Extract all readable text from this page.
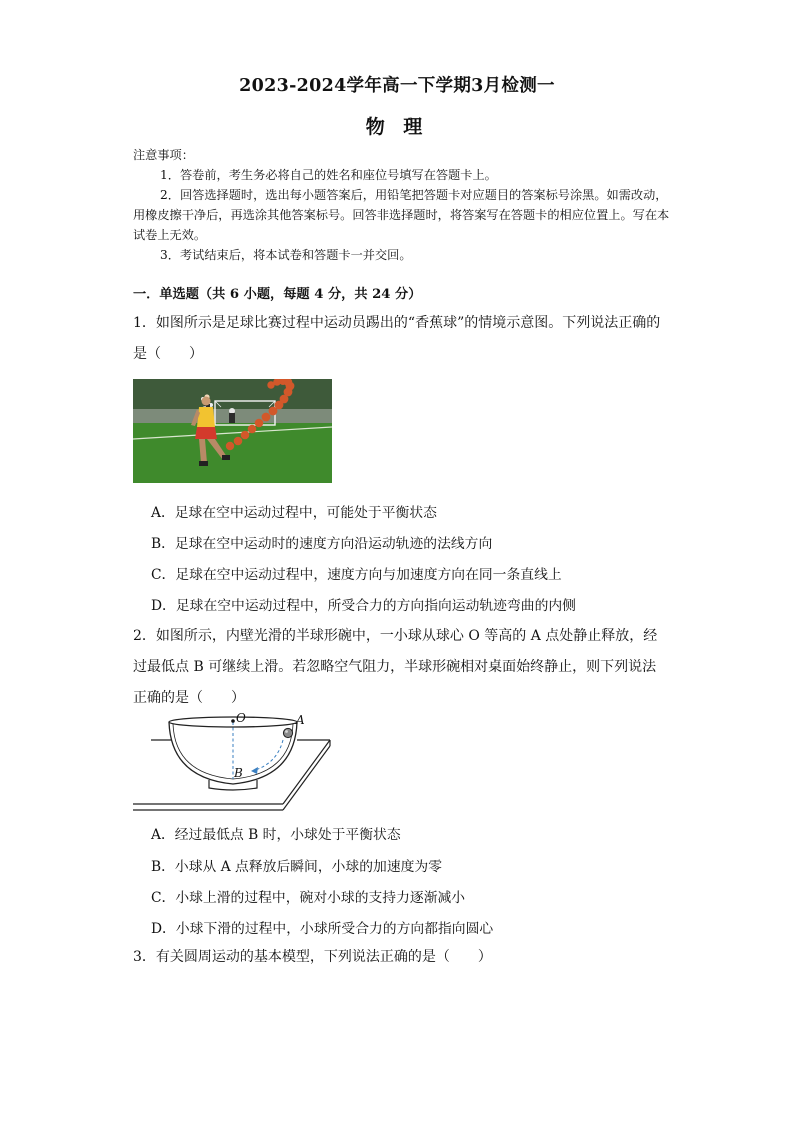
2023-2024学年高一下学期3月检测一
物 理

注意事项：

1．答卷前，考生务必将自己的姓名和座位号填写在答题卡上。

2．回答选择题时，选出每小题答案后，用铅笔把答题卡对应题目的答案标号涂黑。如需改动，用橡皮擦干净后，再选涂其他答案标号。回答非选择题时，将答案写在答题卡的相应位置上。写在本试卷上无效。

3．考试结束后，将本试卷和答题卡一并交回。

一．单选题（共 6 小题，每题 4 分，共 24 分）
1．如图所示是足球比赛过程中运动员踢出的“香蕉球”的情境示意图。下列说法正确的是（　　）
A．足球在空中运动过程中，可能处于平衡状态
B．足球在空中运动时的速度方向沿运动轨迹的法线方向
C．足球在空中运动过程中，速度方向与加速度方向在同一条直线上
D．足球在空中运动过程中，所受合力的方向指向运动轨迹弯曲的内侧
2．如图所示，内壁光滑的半球形碗中，一小球从球心 O 等高的 A 点处静止释放，经过最低点 B 可继续上滑。若忽略空气阻力，半球形碗相对桌面始终静止，则下列说法正确的是（　　）
O	A
B
A．经过最低点 B 时，小球处于平衡状态
B．小球从 A 点释放后瞬间，小球的加速度为零
C．小球上滑的过程中，碗对小球的支持力逐渐减小
D．小球下滑的过程中，小球所受合力的方向都指向圆心
3．有关圆周运动的基本模型，下列说法正确的是（　　）
